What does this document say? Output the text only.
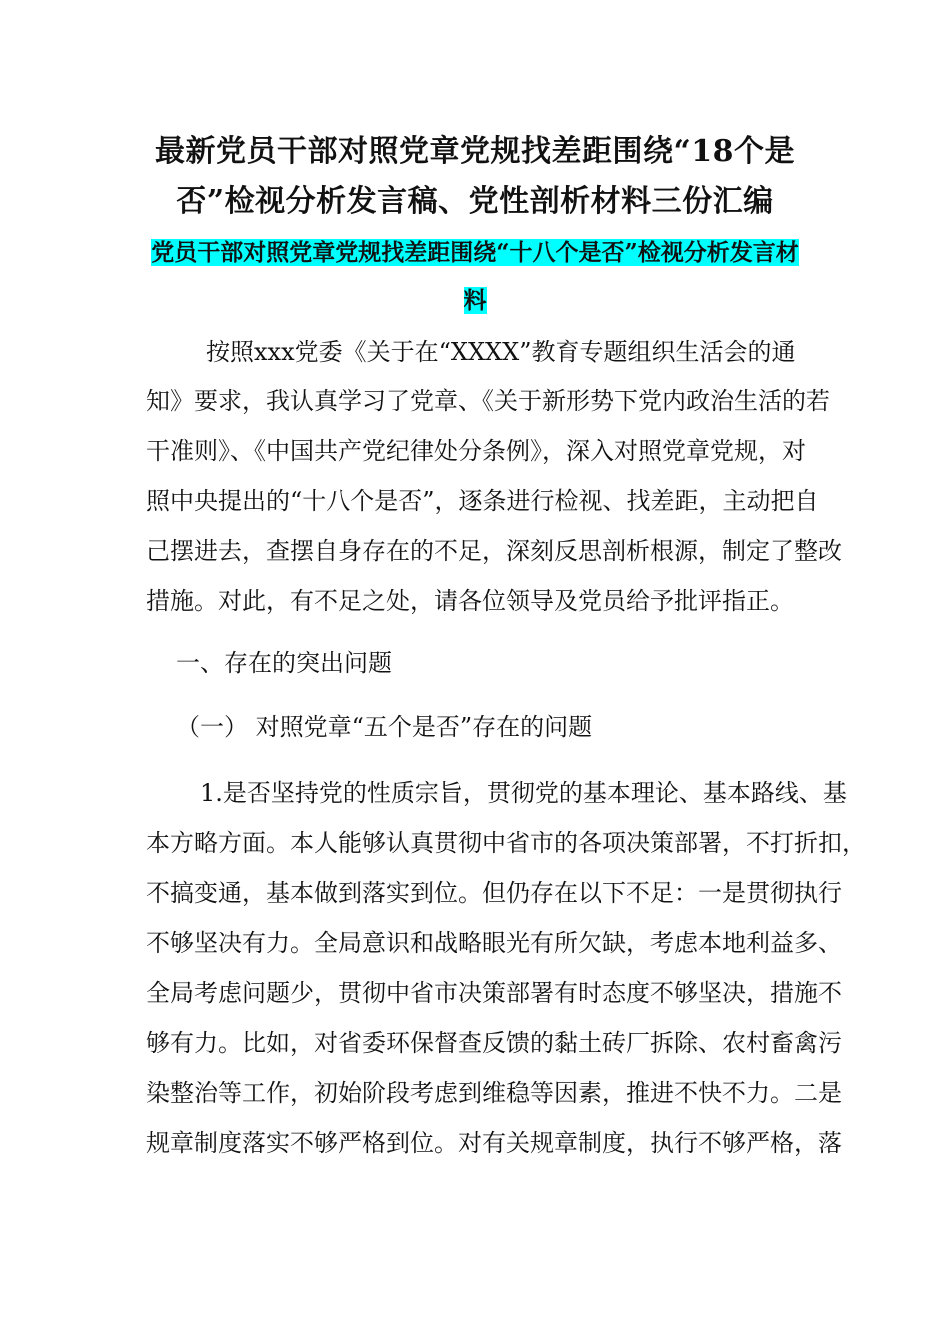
最新党员干部对照党章党规找差距围绕“18个是
否”检视分析发言稿、党性剖析材料三份汇编
党员干部对照党章党规找差距围绕“十八个是否”检视分析发言材
料
按照xxx党委《关于在“XXXX”教育专题组织生活会的通
知》要求，我认真学习了党章、《关于新形势下党内政治生活的若
干准则》、《中国共产党纪律处分条例》，深入对照党章党规，对
照中央提出的“十八个是否”，逐条进行检视、找差距，主动把自
己摆进去，查摆自身存在的不足，深刻反思剖析根源，制定了整改
措施。对此，有不足之处，请各位领导及党员给予批评指正。
一、存在的突出问题
（一） 对照党章“五个是否”存在的问题
1.是否坚持党的性质宗旨，贯彻党的基本理论、基本路线、基
本方略方面。本人能够认真贯彻中省市的各项决策部署，不打折扣，
不搞变通，基本做到落实到位。但仍存在以下不足：一是贯彻执行
不够坚决有力。全局意识和战略眼光有所欠缺，考虑本地利益多、
全局考虑问题少，贯彻中省市决策部署有时态度不够坚决，措施不
够有力。比如，对省委环保督查反馈的黏土砖厂拆除、农村畜禽污
染整治等工作，初始阶段考虑到维稳等因素，推进不快不力。二是
规章制度落实不够严格到位。对有关规章制度，执行不够严格，落
